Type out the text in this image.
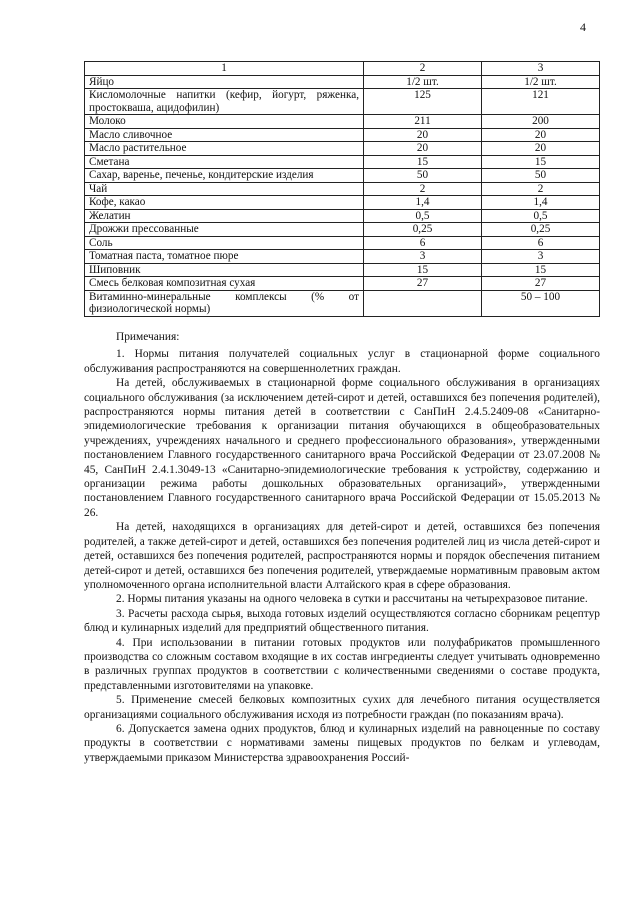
4
1	2	3
Яйцо	1/2 шт.	1/2 шт.
Кисломолочные напитки (кефир, йогурт, ряженка, простокваша, ацидофилин)	125	121
Молоко	211	200
Масло сливочное	20	20
Масло растительное	20	20
Сметана	15	15
Сахар, варенье, печенье, кондитерские изделия	50	50
Чай	2	2
Кофе, какао	1,4	1,4
Желатин	0,5	0,5
Дрожжи прессованные	0,25	0,25
Соль	6	6
Томатная паста, томатное пюре	3	3
Шиповник	15	15
Смесь белковая композитная сухая	27	27
Витаминно-минеральные комплексы (% от физиологической нормы)		50 – 100

Примечания:

1. Нормы питания получателей социальных услуг в стационарной форме социального обслуживания распространяются на совершеннолетних граждан.

На детей, обслуживаемых в стационарной форме социального обслуживания в организациях социального обслуживания (за исключением детей-сирот и детей, оставшихся без попечения родителей), распространяются нормы питания детей в соответствии с СанПиН 2.4.5.2409-08 «Санитарно-эпидемиологические требования к организации питания обучающихся в общеобразовательных учреждениях, учреждениях начального и среднего профессионального образования», утвержденными постановлением Главного государственного санитарного врача Российской Федерации от 23.07.2008 № 45, СанПиН 2.4.1.3049-13 «Санитарно-эпидемиологические требования к устройству, содержанию и организации режима работы дошкольных образовательных организаций», утвержденными постановлением Главного государственного санитарного врача Российской Федерации от 15.05.2013 № 26.

На детей, находящихся в организациях для детей-сирот и детей, оставшихся без попечения родителей, а также детей-сирот и детей, оставшихся без попечения родителей лиц из числа детей-сирот и детей, оставшихся без попечения родителей, распространяются нормы и порядок обеспечения питанием детей-сирот и детей, оставшихся без попечения родителей, утверждаемые нормативным правовым актом уполномоченного органа исполнительной власти Алтайского края в сфере образования.

2. Нормы питания указаны на одного человека в сутки и рассчитаны на четырехразовое питание.

3. Расчеты расхода сырья, выхода готовых изделий осуществляются согласно сборникам рецептур блюд и кулинарных изделий для предприятий общественного питания.

4. При использовании в питании готовых продуктов или полуфабрикатов промышленного производства со сложным составом входящие в их состав ингредиенты следует учитывать одновременно в различных группах продуктов в соответствии с количественными сведениями о составе продукта, представленными изготовителями на упаковке.

5. Применение смесей белковых композитных сухих для лечебного питания осуществляется организациями социального обслуживания исходя из потребности граждан (по показаниям врача).

6. Допускается замена одних продуктов, блюд и кулинарных изделий на равноценные по составу продукты в соответствии с нормативами замены пищевых продуктов по белкам и углеводам, утверждаемыми приказом Министерства здравоохранения Россий-
